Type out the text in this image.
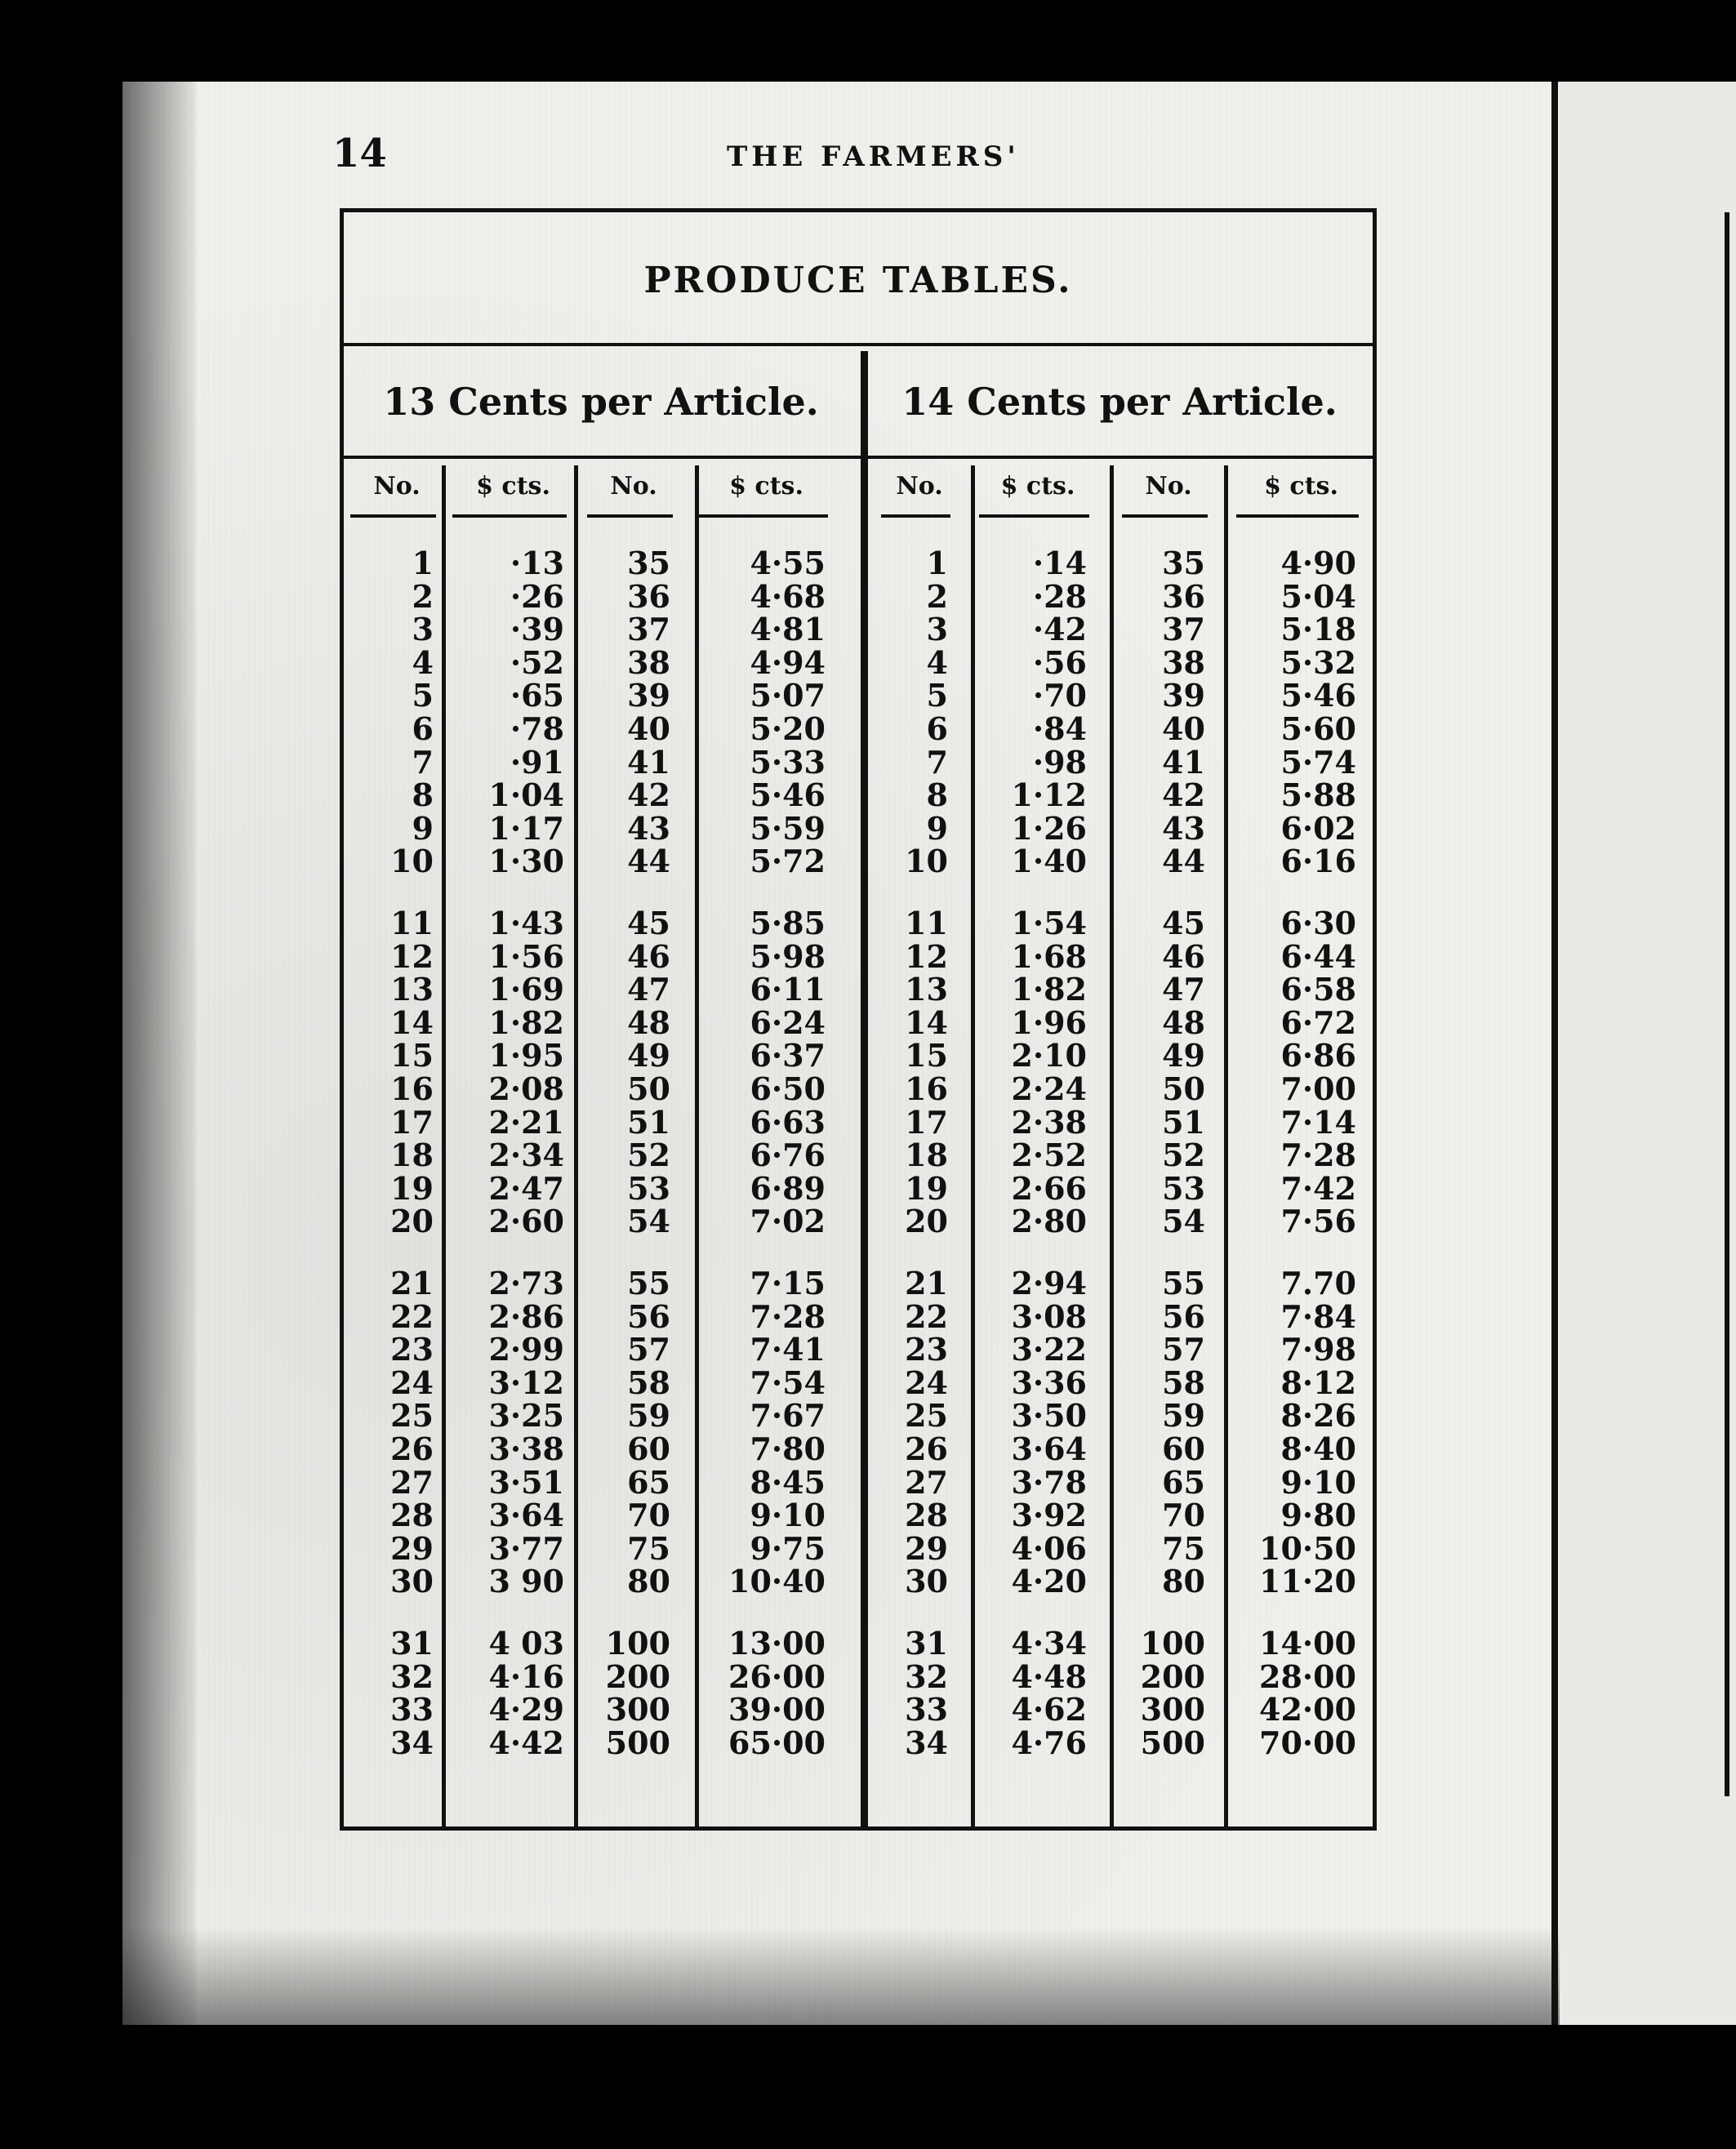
14	THE FARMERS'
PRODUCE TABLES.
13 Cents per Article.	14 Cents per Article.
No.
1
2
3
4
5
6
7
8
9
10
11
12
13
14
15
16
17
18
19
20
21
22
23
24
25
26
27
28
29
30
31
32
33
34
$ cts.
·13
·26
·39
·52
·65
·78
·91
1·04
1·17
1·30
1·43
1·56
1·69
1·82
1·95
2·08
2·21
2·34
2·47
2·60
2·73
2·86
2·99
3·12
3·25
3·38
3·51
3·64
3·77
3 90
4 03
4·16
4·29
4·42
No.
35
36
37
38
39
40
41
42
43
44
45
46
47
48
49
50
51
52
53
54
55
56
57
58
59
60
65
70
75
80
100
200
300
500
$ cts.
4·55
4·68
4·81
4·94
5·07
5·20
5·33
5·46
5·59
5·72
5·85
5·98
6·11
6·24
6·37
6·50
6·63
6·76
6·89
7·02
7·15
7·28
7·41
7·54
7·67
7·80
8·45
9·10
9·75
10·40
13·00
26·00
39·00
65·00
No.
1
2
3
4
5
6
7
8
9
10
11
12
13
14
15
16
17
18
19
20
21
22
23
24
25
26
27
28
29
30
31
32
33
34
$ cts.
·14
·28
·42
·56
·70
·84
·98
1·12
1·26
1·40
1·54
1·68
1·82
1·96
2·10
2·24
2·38
2·52
2·66
2·80
2·94
3·08
3·22
3·36
3·50
3·64
3·78
3·92
4·06
4·20
4·34
4·48
4·62
4·76
No.
35
36
37
38
39
40
41
42
43
44
45
46
47
48
49
50
51
52
53
54
55
56
57
58
59
60
65
70
75
80
100
200
300
500
$ cts.
4·90
5·04
5·18
5·32
5·46
5·60
5·74
5·88
6·02
6·16
6·30
6·44
6·58
6·72
6·86
7·00
7·14
7·28
7·42
7·56
7.70
7·84
7·98
8·12
8·26
8·40
9·10
9·80
10·50
11·20
14·00
28·00
42·00
70·00
